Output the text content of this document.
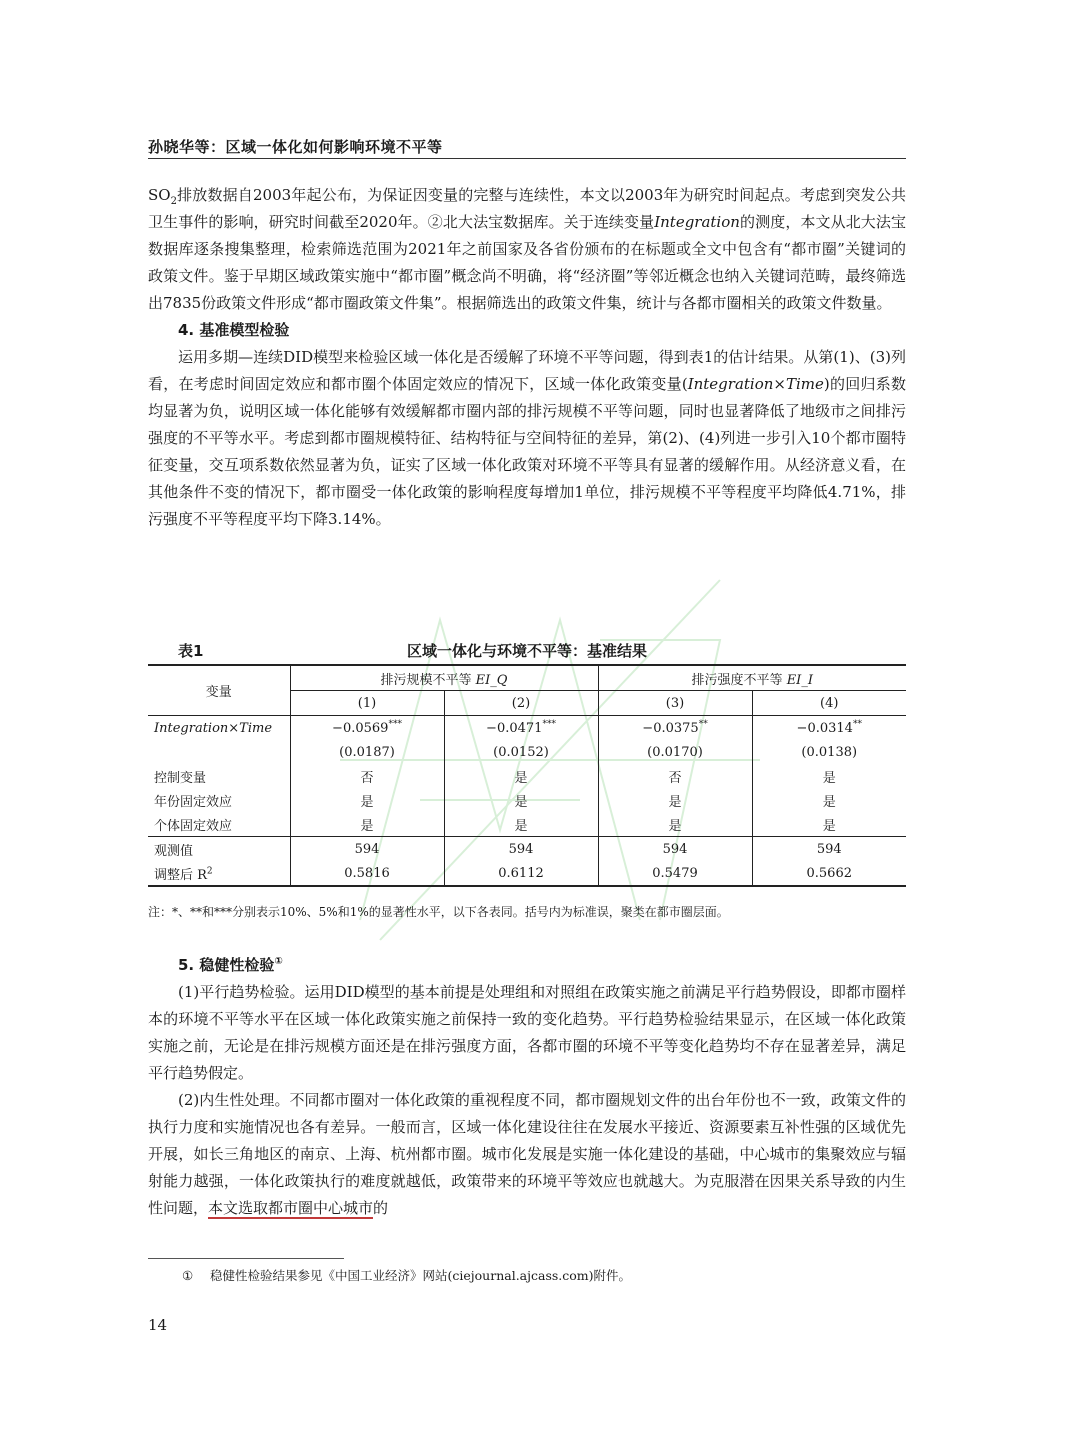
孙晓华等：区域一体化如何影响环境不平等

$SO_2$排放数据自2003年起公布，为保证因变量的完整与连续性，本文以2003年为研究时间起点。考虑到突发公共卫生事件的影响，研究时间截至2020年。②北大法宝数据库。关于连续变量Integration的测度，本文从北大法宝数据库逐条搜集整理，检索筛选范围为2021年之前国家及各省份颁布的在标题或全文中包含有“都市圈”关键词的政策文件。鉴于早期区域政策实施中“都市圈”概念尚不明确，将“经济圈”等邻近概念也纳入关键词范畴，最终筛选出7835份政策文件形成“都市圈政策文件集”。根据筛选出的政策文件集，统计与各都市圈相关的政策文件数量。

4. 基准模型检验

运用多期—连续DID模型来检验区域一体化是否缓解了环境不平等问题，得到表1的估计结果。从第(1)、(3)列看，在考虑时间固定效应和都市圈个体固定效应的情况下，区域一体化政策变量(Integration×Time)的回归系数均显著为负，说明区域一体化能够有效缓解都市圈内部的排污规模不平等问题，同时也显著降低了地级市之间排污强度的不平等水平。考虑到都市圈规模特征、结构特征与空间特征的差异，第(2)、(4)列进一步引入10个都市圈特征变量，交互项系数依然显著为负，证实了区域一体化政策对环境不平等具有显著的缓解作用。从经济意义看，在其他条件不变的情况下，都市圈受一体化政策的影响程度每增加1单位，排污规模不平等程度平均降低4.71%，排污强度不平等程度平均下降3.14%。

表1	区域一体化与环境不平等：基准结果
变量	排污规模不平等 EI_Q		排污强度不平等 EI_I	
	(1)	(2)	(3)	(4)
Integration×Time	−0.0569***	−0.0471***	−0.0375**	−0.0314**
	(0.0187)	(0.0152)	(0.0170)	(0.0138)
控制变量	否	是	否	是
年份固定效应	是	是	是	是
个体固定效应	是	是	是	是
观测值	594	594	594	594
调整后 $R^2$	0.5816	0.6112	0.5479	0.5662
注：*、**和***分别表示10%、5%和1%的显著性水平，以下各表同。括号内为标准误，聚类在都市圈层面。
5. 稳健性检验①

(1)平行趋势检验。运用DID模型的基本前提是处理组和对照组在政策实施之前满足平行趋势假设，即都市圈样本的环境不平等水平在区域一体化政策实施之前保持一致的变化趋势。平行趋势检验结果显示，在区域一体化政策实施之前，无论是在排污规模方面还是在排污强度方面，各都市圈的环境不平等变化趋势均不存在显著差异，满足平行趋势假定。

(2)内生性处理。不同都市圈对一体化政策的重视程度不同，都市圈规划文件的出台年份也不一致，政策文件的执行力度和实施情况也各有差异。一般而言，区域一体化建设往往在发展水平接近、资源要素互补性强的区域优先开展，如长三角地区的南京、上海、杭州都市圈。城市化发展是实施一体化建设的基础，中心城市的集聚效应与辐射能力越强，一体化政策执行的难度就越低，政策带来的环境平等效应也就越大。为克服潜在因果关系导致的内生性问题，本文选取都市圈中心城市的

① 稳健性检验结果参见《中国工业经济》网站(ciejournal.ajcass.com)附件。
14
